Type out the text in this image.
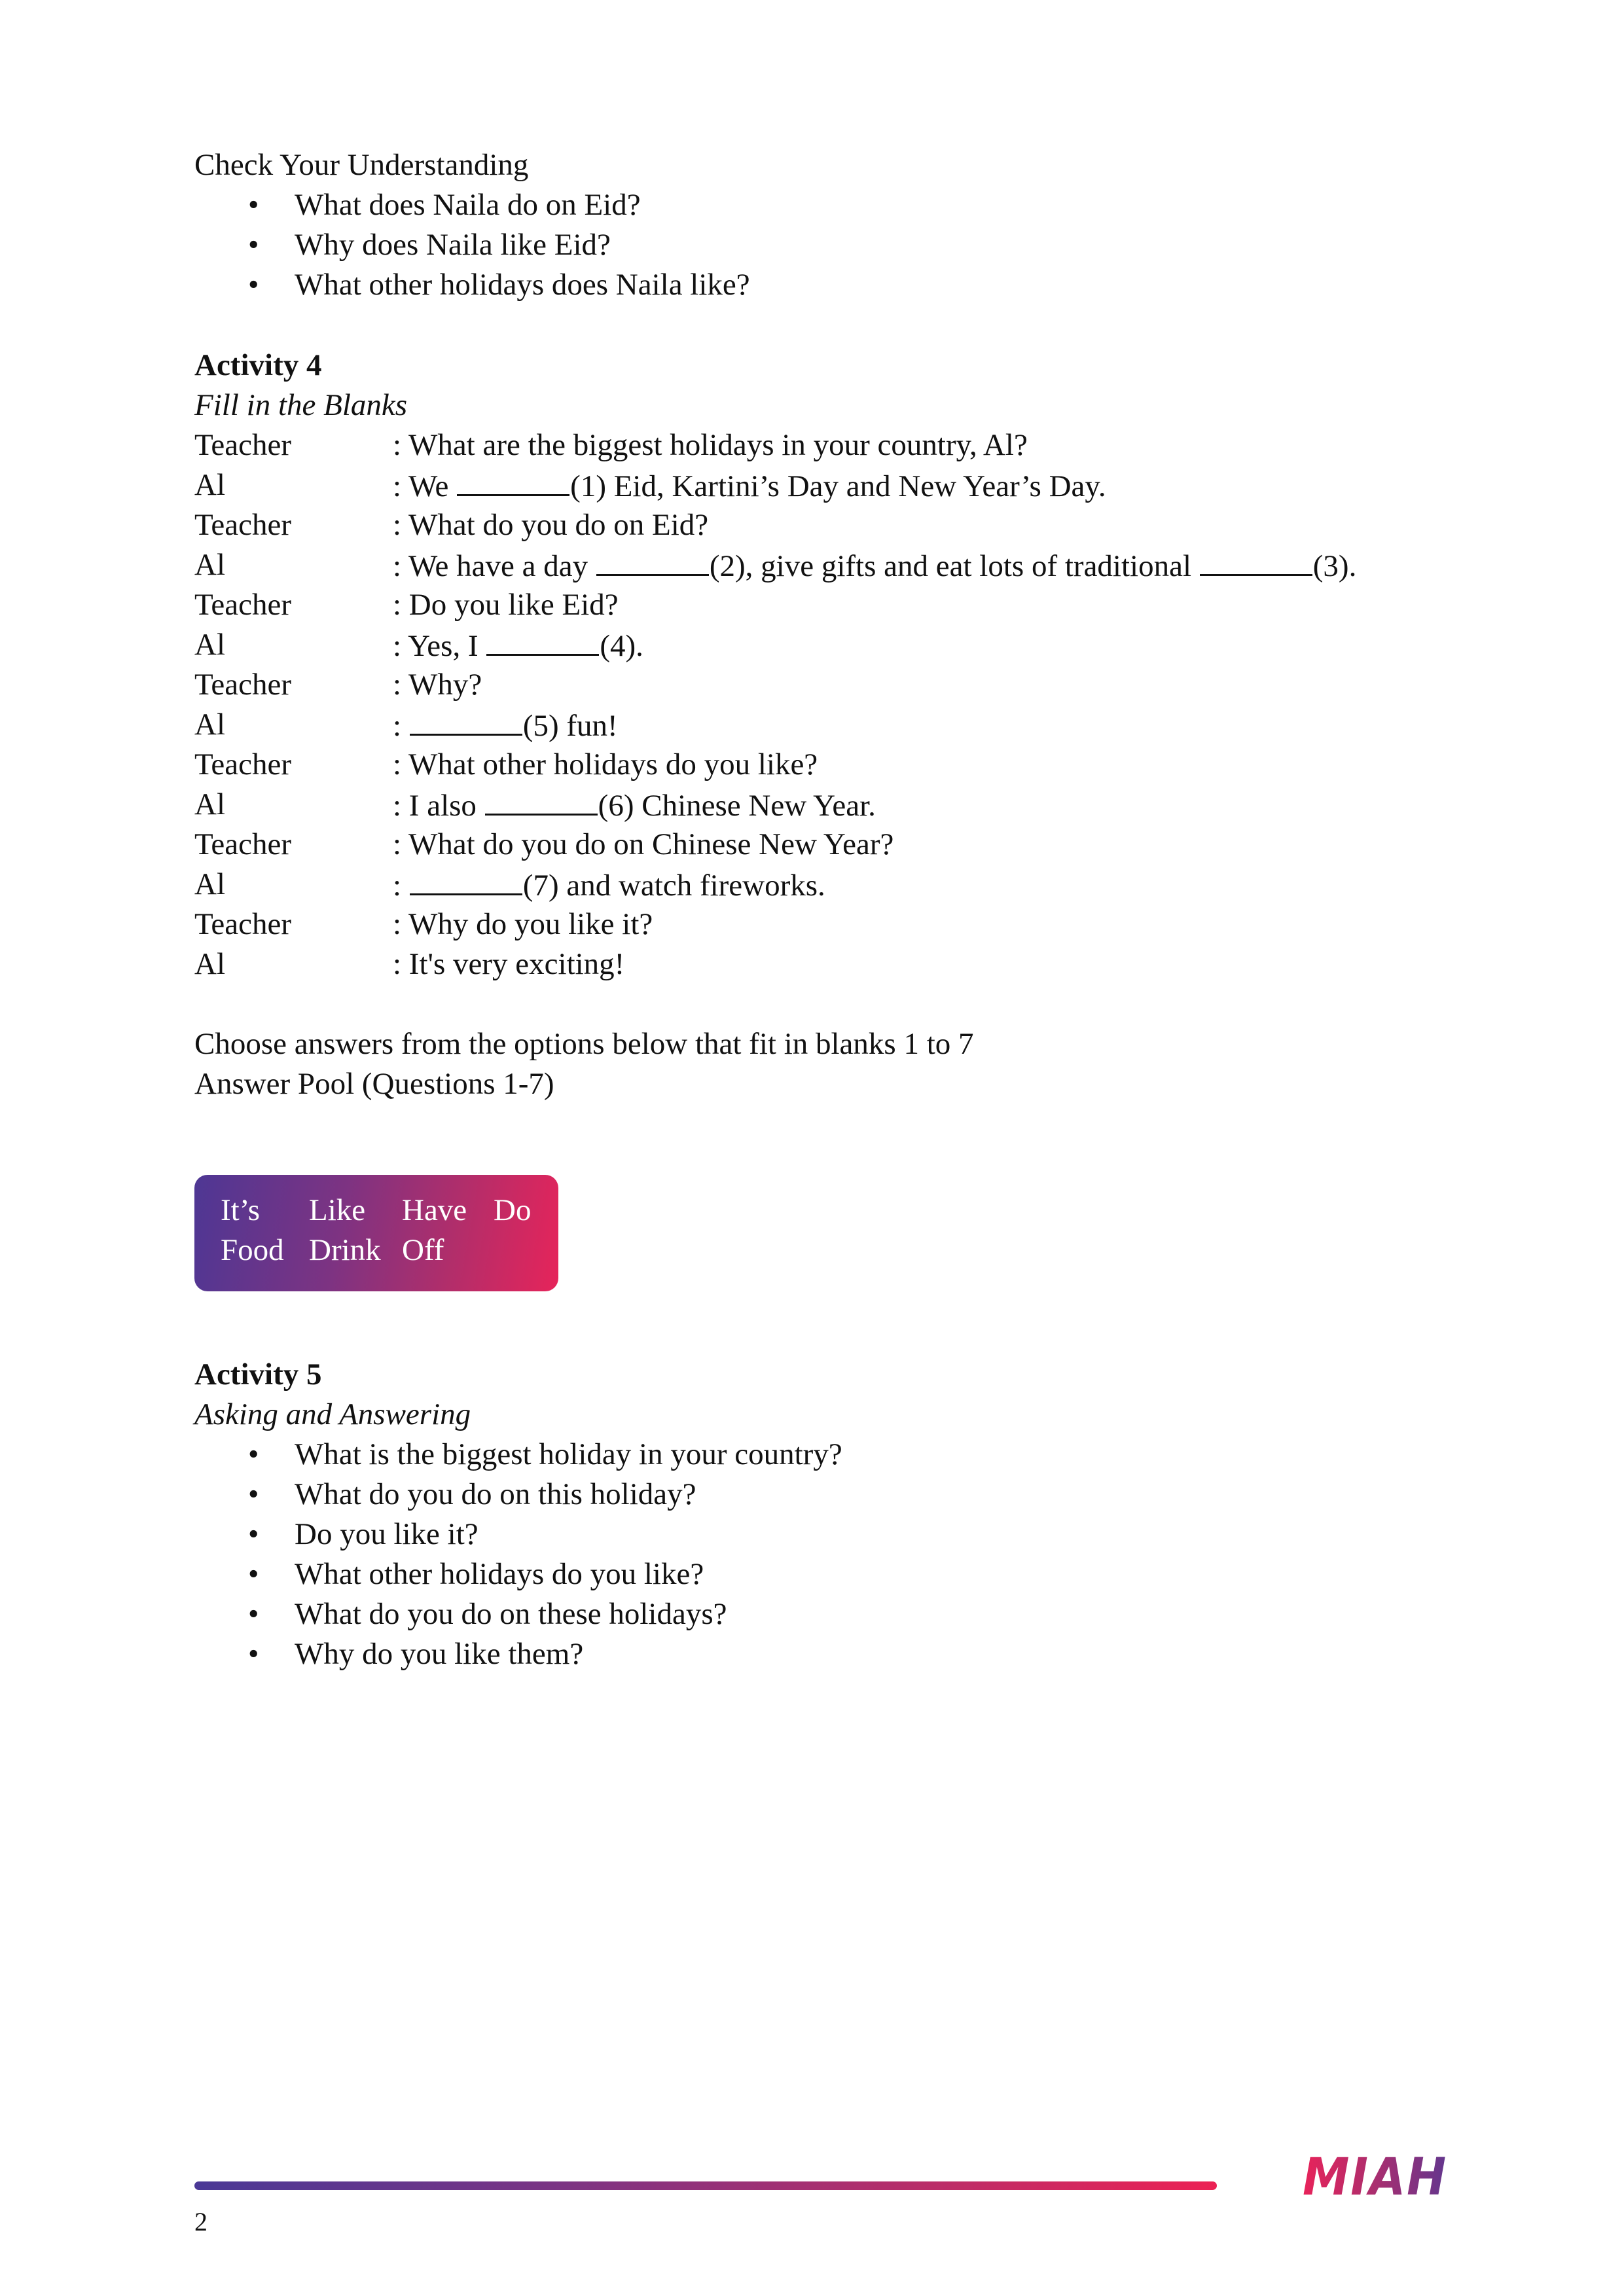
Check Your Understanding
• What does Naila do on Eid?
• Why does Naila like Eid?
• What other holidays does Naila like?
Activity 4
Fill in the Blanks
Teacher	: What are the biggest holidays in your country, Al?
Al	: We	(1) Eid, Kartini’s Day and New Year’s Day.
Teacher	: What do you do on Eid?
Al	: We have a day	(2), give gifts and eat lots of traditional	(3).
Teacher	: Do you like Eid?
Al	: Yes, I	(4).
Teacher	: Why?
Al	:	(5) fun!
Teacher	: What other holidays do you like?
Al	: I also	(6) Chinese New Year.
Teacher	: What do you do on Chinese New Year?
Al	:	(7) and watch fireworks.
Teacher	: Why do you like it?
Al	: It's very exciting!
Choose answers from the options below that fit in blanks 1 to 7
Answer Pool (Questions 1-7)
It’s Like Have Do
Food Drink Off
Activity 5
Asking and Answering
• What is the biggest holiday in your country?
• What do you do on this holiday?
• Do you like it?
• What other holidays do you like?
• What do you do on these holidays?
• Why do you like them?
2
MIAH
